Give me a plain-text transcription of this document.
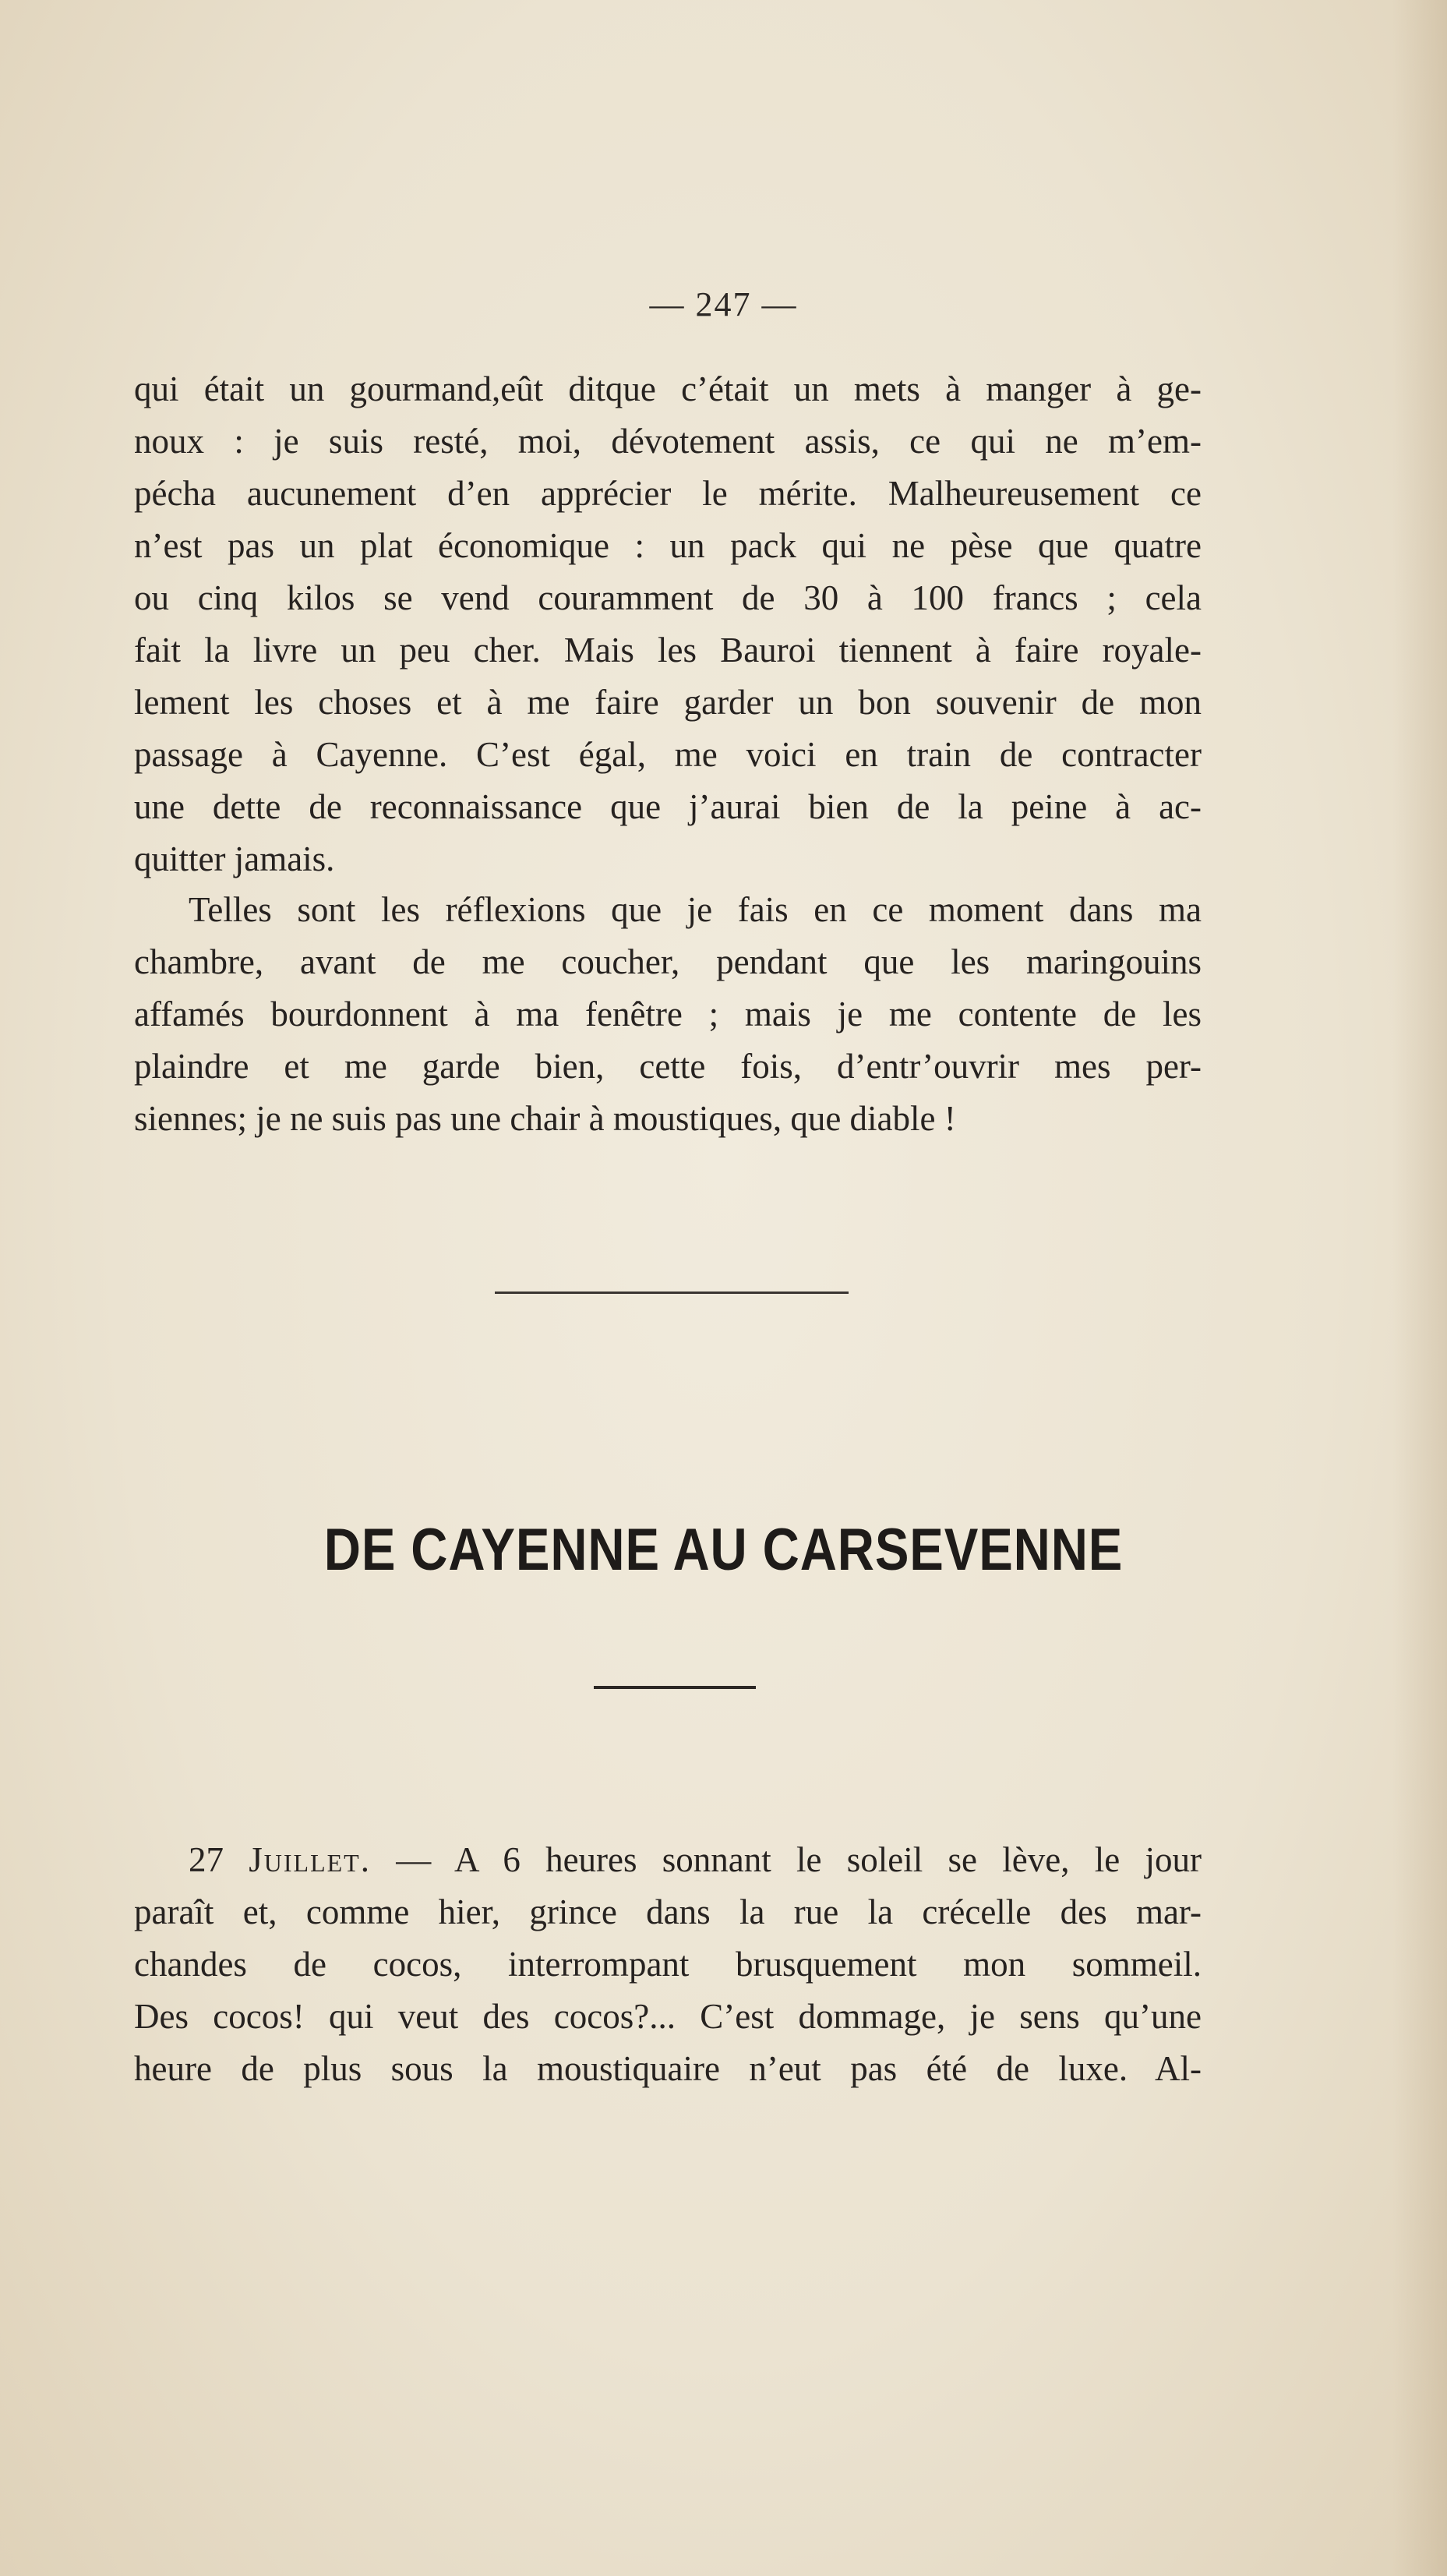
— 247 —
qui était un gourmand,eût ditque c’était un mets à manger à ge-
noux : je suis resté, moi, dévotement assis, ce qui ne m’em-
pécha aucunement d’en apprécier le mérite. Malheureusement ce
n’est pas un plat économique : un pack qui ne pèse que quatre
ou cinq kilos se vend couramment de 30 à 100 francs ; cela
fait la livre un peu cher. Mais les Bauroi tiennent à faire royale-
lement les choses et à me faire garder un bon souvenir de mon
passage à Cayenne. C’est égal, me voici en train de contracter
une dette de reconnaissance que j’aurai bien de la peine à ac-
quitter jamais.
Telles sont les réflexions que je fais en ce moment dans ma
chambre, avant de me coucher, pendant que les maringouins
affamés bourdonnent à ma fenêtre ; mais je me contente de les
plaindre et me garde bien, cette fois, d’entr’ouvrir mes per-
siennes; je ne suis pas une chair à moustiques, que diable !
DE CAYENNE AU CARSEVENNE
27 Juillet. — A 6 heures sonnant le soleil se lève, le jour
paraît et, comme hier, grince dans la rue la crécelle des mar-
chandes de cocos, interrompant brusquement mon sommeil.
Des cocos! qui veut des cocos?... C’est dommage, je sens qu’une
heure de plus sous la moustiquaire n’eut pas été de luxe. Al-
